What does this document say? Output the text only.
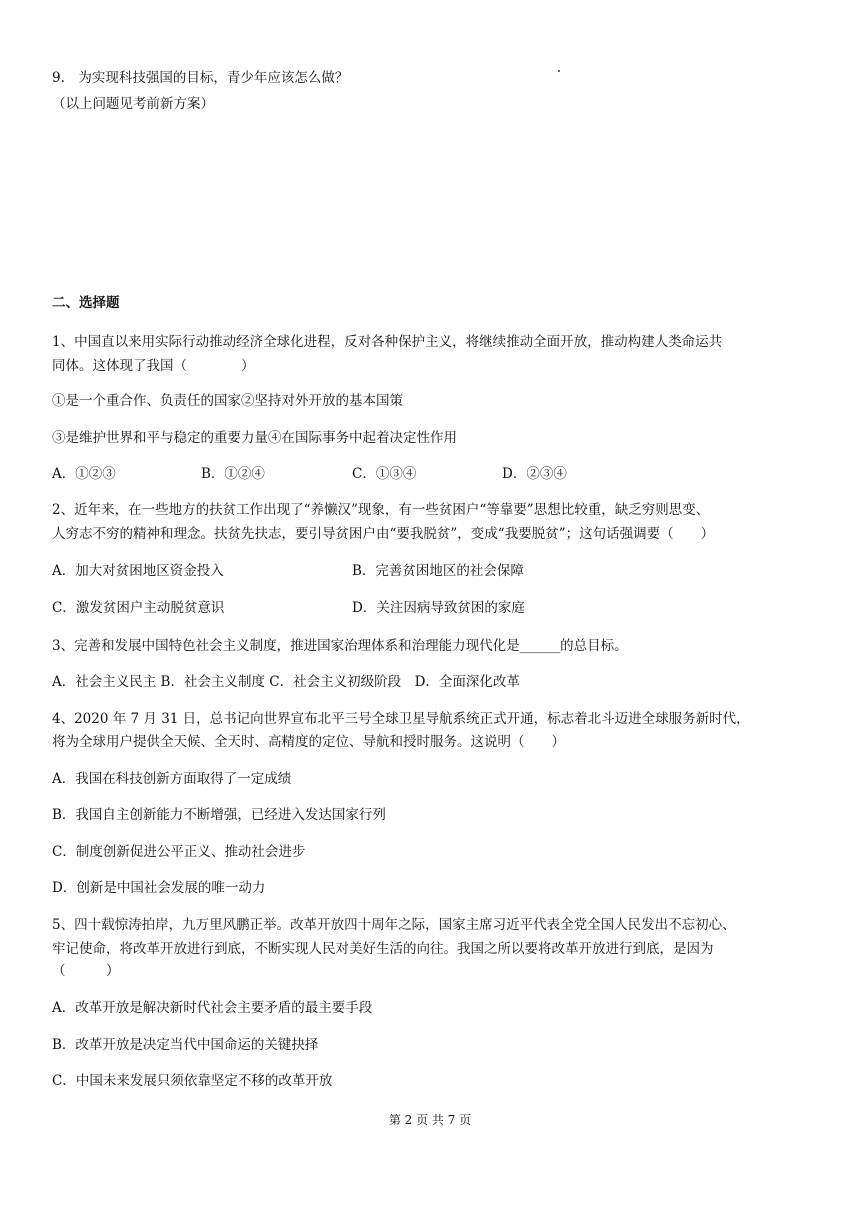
9.　为实现科技强国的目标，青少年应该怎么做？
（以上问题见考前新方案）
二、选择题
1、中国直以来用实际行动推动经济全球化进程，反对各种保护主义，将继续推动全面开放，推动构建人类命运共
同体。这体现了我国（　　　　）
①是一个重合作、负责任的国家②坚持对外开放的基本国策
③是维护世界和平与稳定的重要力量④在国际事务中起着决定性作用
A．①②③	B．①②④	C．①③④	D．②③④
2、近年来，在一些地方的扶贫工作出现了“养懒汉”现象，有一些贫困户“等靠要”思想比较重，缺乏穷则思变、
人穷志不穷的精神和理念。扶贫先扶志，要引导贫困户由“要我脱贫”，变成“我要脱贫”；这句话强调要（　　）
A．加大对贫困地区资金投入	B．完善贫困地区的社会保障
C．激发贫困户主动脱贫意识	D．关注因病导致贫困的家庭
3、完善和发展中国特色社会主义制度，推进国家治理体系和治理能力现代化是______的总目标。
A．社会主义民主 B．社会主义制度 C．社会主义初级阶段　D．全面深化改革
4、2020 年 7 月 31 日，总书记向世界宣布北平三号全球卫星导航系统正式开通，标志着北斗迈进全球服务新时代，
将为全球用户提供全天候、全天时、高精度的定位、导航和授时服务。这说明（　　）
A．我国在科技创新方面取得了一定成绩
B．我国自主创新能力不断增强，已经进入发达国家行列
C．制度创新促进公平正义、推动社会进步
D．创新是中国社会发展的唯一动力
5、四十载惊涛拍岸，九万里风鹏正举。改革开放四十周年之际，国家主席习近平代表全党全国人民发出不忘初心、
牢记使命，将改革开放进行到底，不断实现人民对美好生活的向往。我国之所以要将改革开放进行到底，是因为
（　　　）
A．改革开放是解决新时代社会主要矛盾的最主要手段
B．改革开放是决定当代中国命运的关键抉择
C．中国未来发展只须依靠坚定不移的改革开放
第 2 页 共 7 页
